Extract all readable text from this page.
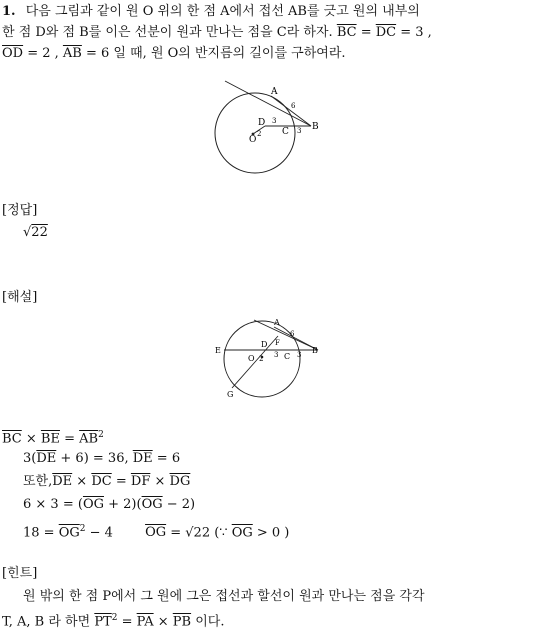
1. 다음 그림과 같이 원 O 위의 한 점 A에서 접선 AB를 긋고 원의 내부의
한 점 D와 점 B를 이은 선분이 원과 만나는 점을 C라 하자. $\overline{BC} = \overline{DC} = 3$ ,
$\overline{OD} = 2$ , $\overline{AB} = 6$ 일 때, 원 O의 반지름의 길이를 구하여라.
A
B
C
D
O
6
3
3
2
[정답]
√22
[해설]
A
B
C
D
E
F
G
O
6
3	3
2
$\overline{BC} \times \overline{BE} = \overline{AB}^2$
$3(\overline{DE} + 6) = 36$, $\overline{DE} = 6$
또한$,\overline{DE} \times \overline{DC} = \overline{DF} \times \overline{DG}$
$6 \times 3 = (\overline{OG} + 2)(\overline{OG} - 2)$
$18 = \overline{OG}^2 - 4$ $\overline{OG} = √22$ (∵ $\overline{OG} > 0$ )
[힌트]
원 밖의 한 점 P에서 그 원에 그은 접선과 할선이 원과 만나는 점을 각각
T, A, B 라 하면 $\overline{PT}^2 = \overline{PA} \times \overline{PB}$ 이다.
